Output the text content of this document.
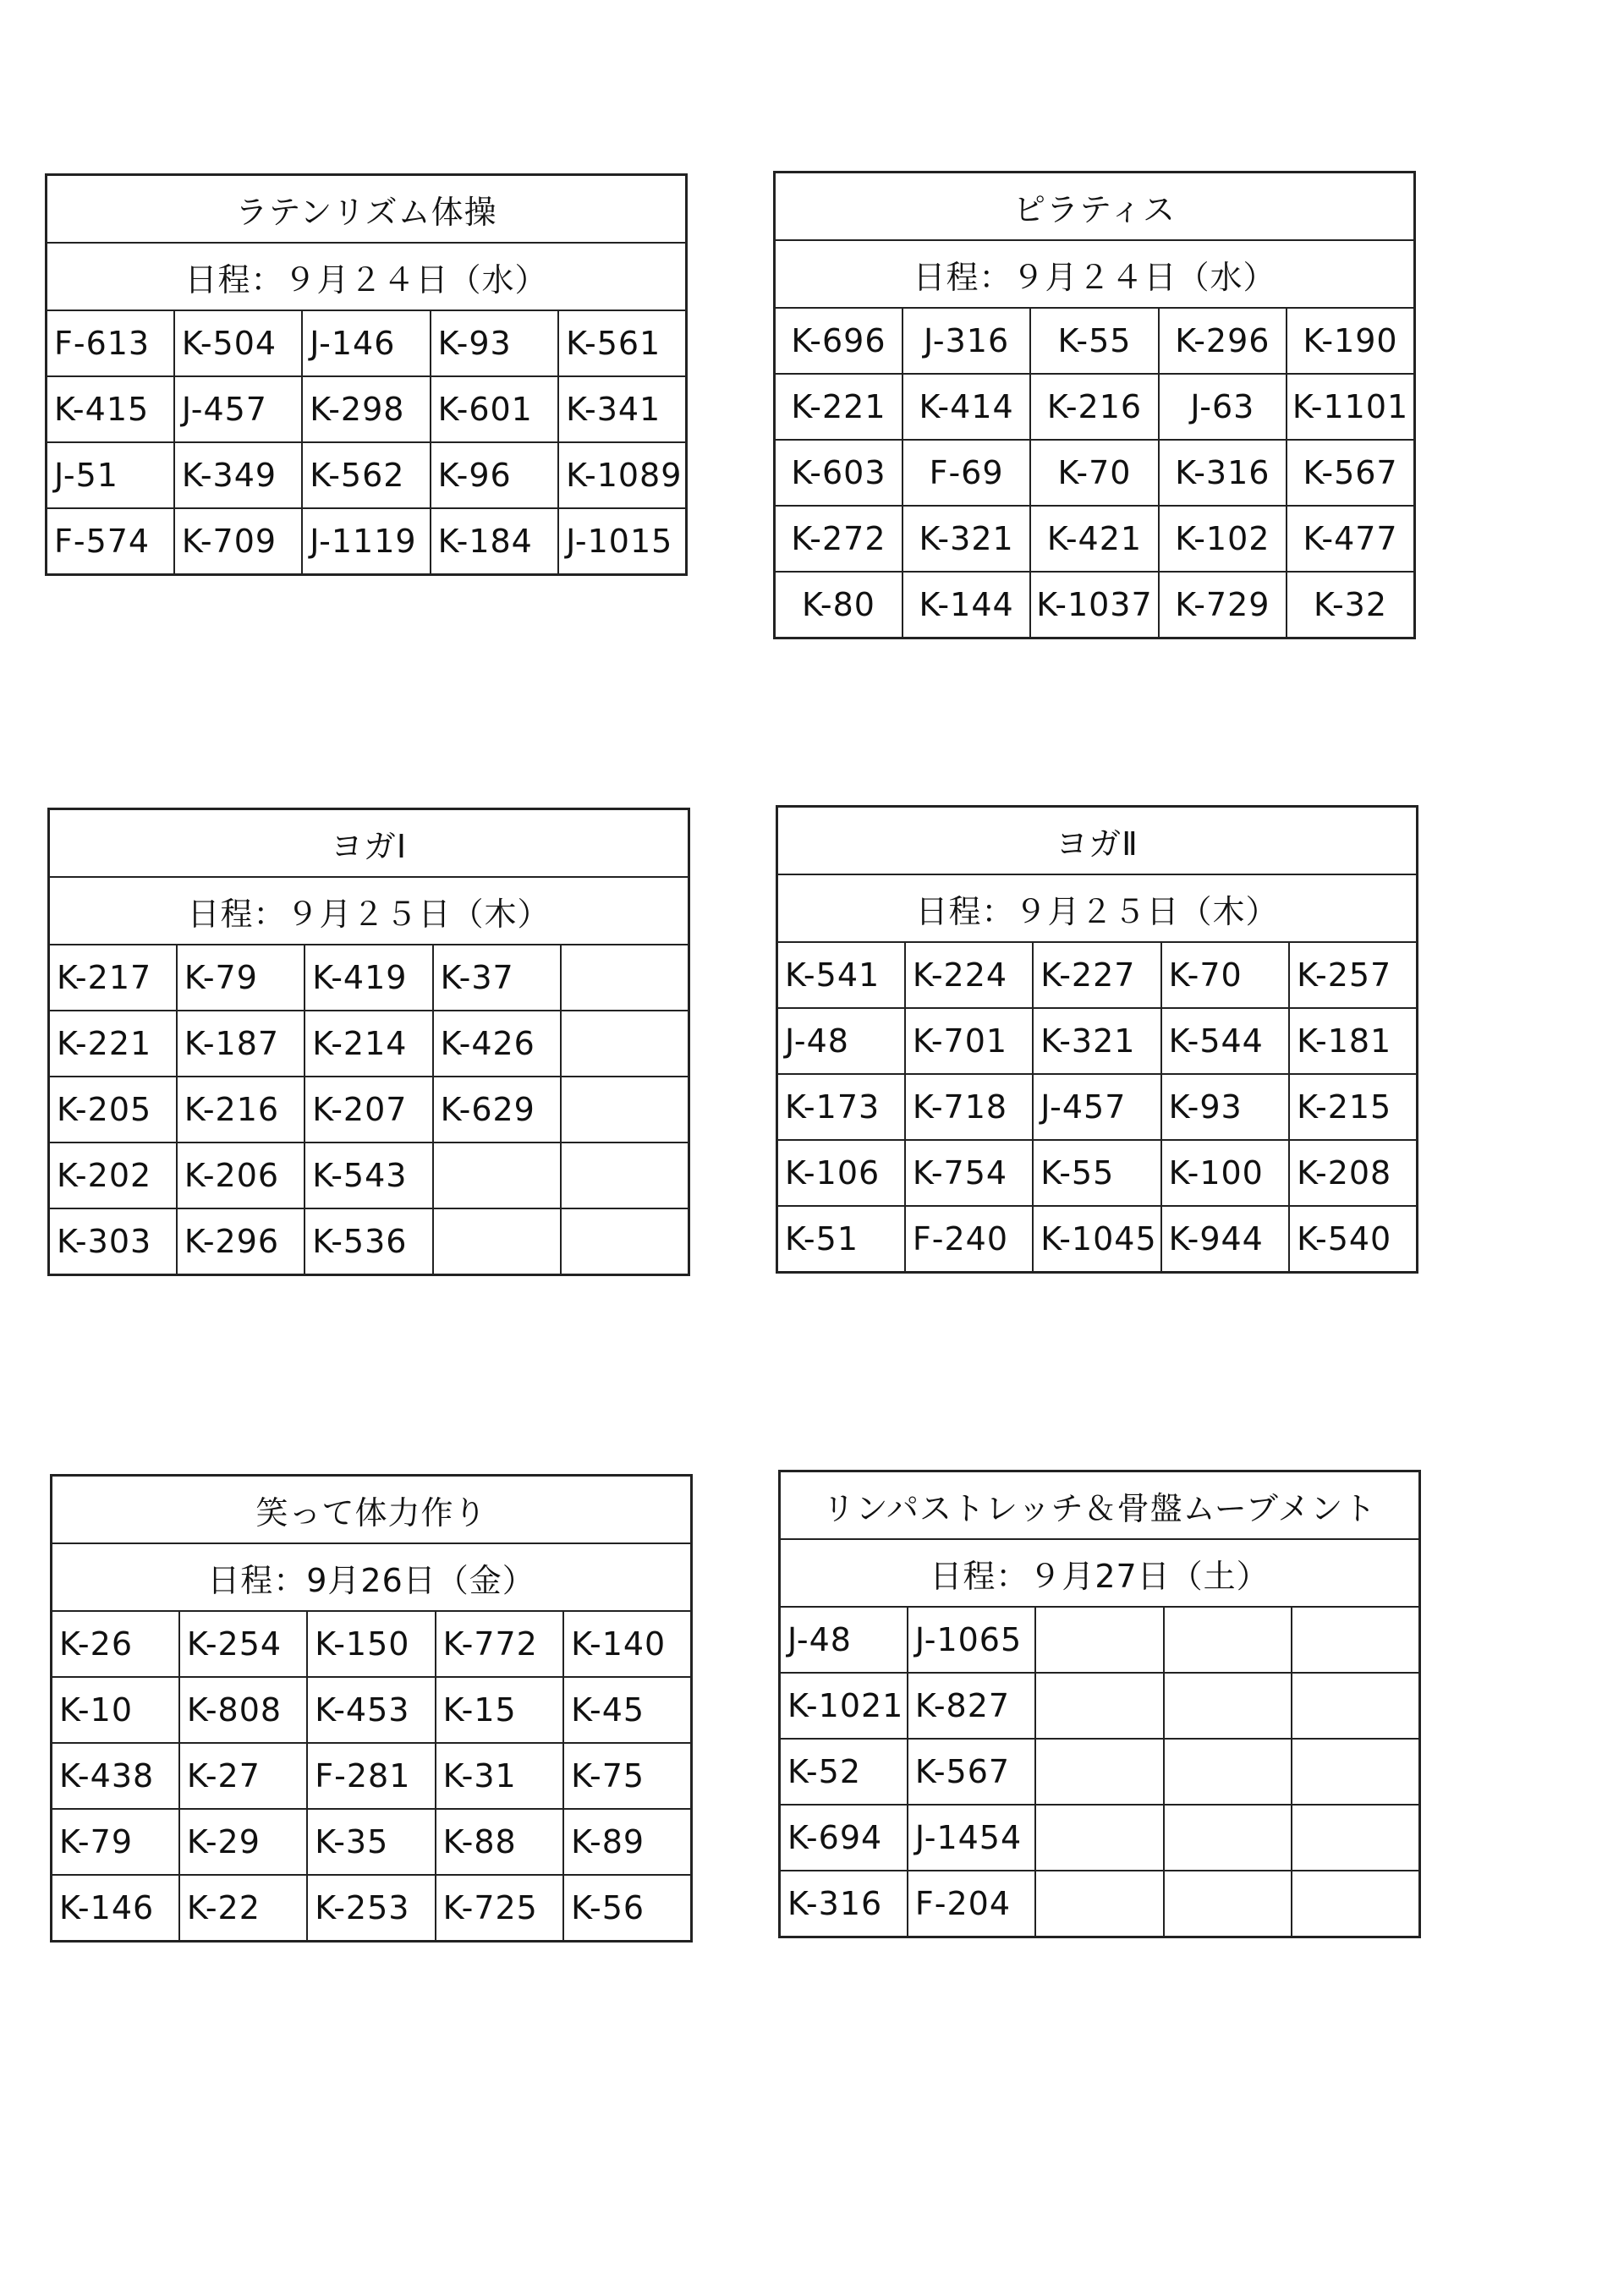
ラテンリズム体操				
日程：９月２４日（水）				
F-613	K-504	J-146	K-93	K-561
K-415	J-457	K-298	K-601	K-341
J-51	K-349	K-562	K-96	K-1089
F-574	K-709	J-1119	K-184	J-1015
ピラティス				
日程：９月２４日（水）				
K-696	J-316	K-55	K-296	K-190
K-221	K-414	K-216	J-63	K-1101
K-603	F-69	K-70	K-316	K-567
K-272	K-321	K-421	K-102	K-477
K-80	K-144	K-1037	K-729	K-32
ヨガⅠ				
日程：９月２５日（木）				
K-217	K-79	K-419	K-37	
K-221	K-187	K-214	K-426	
K-205	K-216	K-207	K-629	
K-202	K-206	K-543		
K-303	K-296	K-536		
ヨガⅡ				
日程：９月２５日（木）				
K-541	K-224	K-227	K-70	K-257
J-48	K-701	K-321	K-544	K-181
K-173	K-718	J-457	K-93	K-215
K-106	K-754	K-55	K-100	K-208
K-51	F-240	K-1045	K-944	K-540
笑って体力作り				
日程：9月26日（金）				
K-26	K-254	K-150	K-772	K-140
K-10	K-808	K-453	K-15	K-45
K-438	K-27	F-281	K-31	K-75
K-79	K-29	K-35	K-88	K-89
K-146	K-22	K-253	K-725	K-56
リンパストレッチ＆骨盤ムーブメント				
日程：９月27日（土）				
J-48	J-1065			
K-1021	K-827			
K-52	K-567			
K-694	J-1454			
K-316	F-204			
